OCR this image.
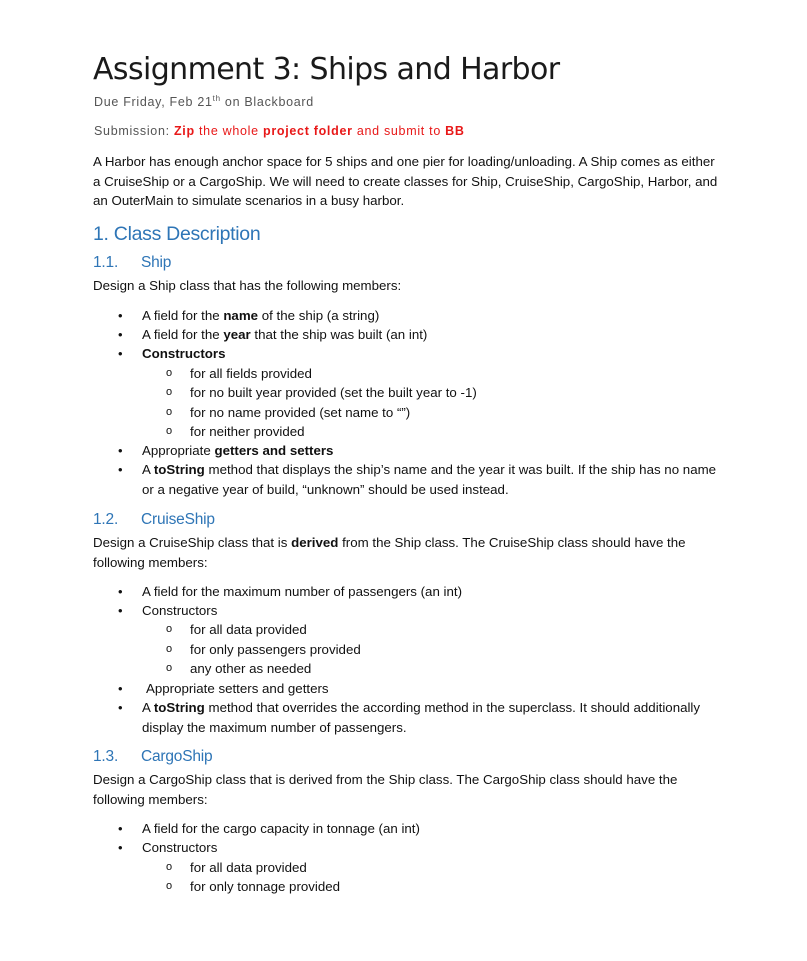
Assignment 3: Ships and Harbor
Due Friday, Feb 21th on Blackboard
Submission: Zip the whole project folder and submit to BB

A Harbor has enough anchor space for 5 ships and one pier for loading/unloading. A Ship comes as either a CruiseShip or a CargoShip. We will need to create classes for Ship, CruiseShip, CargoShip, Harbor, and an OuterMain to simulate scenarios in a busy harbor.

1. Class Description
1.1. Ship

Design a Ship class that has the following members:

• A field for the name of the ship (a string)
• A field for the year that the ship was built (an int)
• Constructors
o for all fields provided
o for no built year provided (set the built year to -1)
o for no name provided (set name to “”)
o for neither provided
• Appropriate getters and setters
• A toString method that displays the ship’s name and the year it was built. If the ship has no name or a negative year of build, “unknown” should be used instead.
1.2. CruiseShip

Design a CruiseShip class that is derived from the Ship class. The CruiseShip class should have the following members:

• A field for the maximum number of passengers (an int)
• Constructors
o for all data provided
o for only passengers provided
o any other as needed
• Appropriate setters and getters
• A toString method that overrides the according method in the superclass. It should additionally display the maximum number of passengers.
1.3. CargoShip

Design a CargoShip class that is derived from the Ship class. The CargoShip class should have the following members:

• A field for the cargo capacity in tonnage (an int)
• Constructors
o for all data provided
o for only tonnage provided
